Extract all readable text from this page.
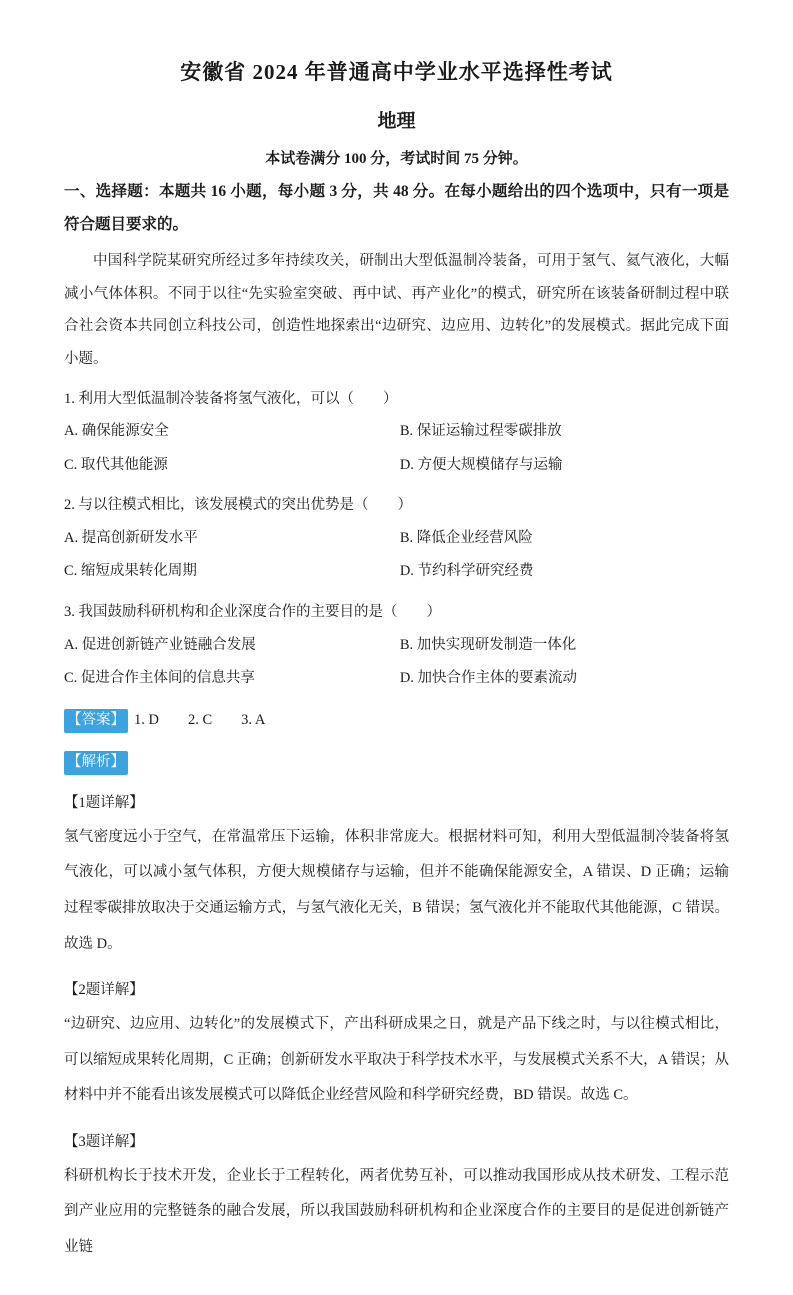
安徽省 2024 年普通高中学业水平选择性考试
地理
本试卷满分 100 分，考试时间 75 分钟。
一、选择题：本题共 16 小题，每小题 3 分，共 48 分。在每小题给出的四个选项中，只有一项是符合题目要求的。

中国科学院某研究所经过多年持续攻关，研制出大型低温制冷装备，可用于氢气、氦气液化，大幅减小气体体积。不同于以往“先实验室突破、再中试、再产业化”的模式，研究所在该装备研制过程中联合社会资本共同创立科技公司，创造性地探索出“边研究、边应用、边转化”的发展模式。据此完成下面小题。

1. 利用大型低温制冷装备将氢气液化，可以（　　）
A. 确保能源安全	B. 保证运输过程零碳排放
C. 取代其他能源	D. 方便大规模储存与运输
2. 与以往模式相比，该发展模式的突出优势是（　　）
A. 提高创新研发水平	B. 降低企业经营风险
C. 缩短成果转化周期	D. 节约科学研究经费
3. 我国鼓励科研机构和企业深度合作的主要目的是（　　）
A. 促进创新链产业链融合发展	B. 加快实现研发制造一体化
C. 促进合作主体间的信息共享	D. 加快合作主体的要素流动
【答案】 1. D　　2. C　　3. A
【解析】
【1题详解】

氢气密度远小于空气，在常温常压下运输，体积非常庞大。根据材料可知，利用大型低温制冷装备将氢气液化，可以减小氢气体积，方便大规模储存与运输，但并不能确保能源安全，A 错误、D 正确；运输过程零碳排放取决于交通运输方式，与氢气液化无关，B 错误；氢气液化并不能取代其他能源，C 错误。故选 D。

【2题详解】

“边研究、边应用、边转化”的发展模式下，产出科研成果之日，就是产品下线之时，与以往模式相比，可以缩短成果转化周期，C 正确；创新研发水平取决于科学技术水平，与发展模式关系不大，A 错误；从材料中并不能看出该发展模式可以降低企业经营风险和科学研究经费，BD 错误。故选 C。

【3题详解】

科研机构长于技术开发，企业长于工程转化，两者优势互补，可以推动我国形成从技术研发、工程示范到产业应用的完整链条的融合发展，所以我国鼓励科研机构和企业深度合作的主要目的是促进创新链产业链
